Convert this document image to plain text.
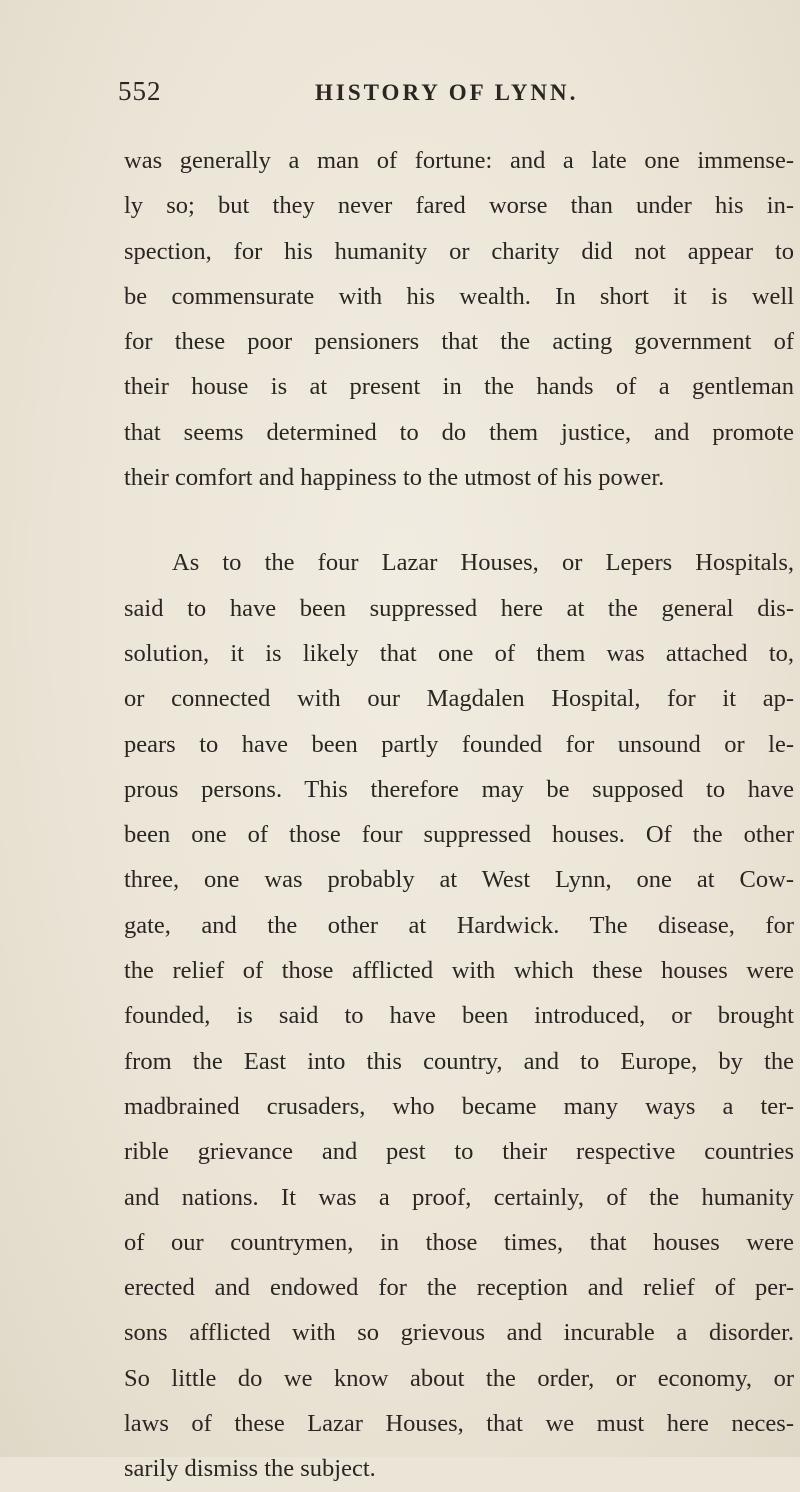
552	HISTORY OF LYNN.
was generally a man of fortune: and a late one immense-
ly so; but they never fared worse than under his in-
spection, for his humanity or charity did not appear to
be commensurate with his wealth. In short it is well
for these poor pensioners that the acting government of
their house is at present in the hands of a gentleman
that seems determined to do them justice, and promote
their comfort and happiness to the utmost of his power.
As to the four Lazar Houses, or Lepers Hospitals,
said to have been suppressed here at the general dis-
solution, it is likely that one of them was attached to,
or connected with our Magdalen Hospital, for it ap-
pears to have been partly founded for unsound or le-
prous persons. This therefore may be supposed to have
been one of those four suppressed houses. Of the other
three, one was probably at West Lynn, one at Cow-
gate, and the other at Hardwick. The disease, for
the relief of those afflicted with which these houses were
founded, is said to have been introduced, or brought
from the East into this country, and to Europe, by the
madbrained crusaders, who became many ways a ter-
rible grievance and pest to their respective countries
and nations. It was a proof, certainly, of the humanity
of our countrymen, in those times, that houses were
erected and endowed for the reception and relief of per-
sons afflicted with so grievous and incurable a disorder.
So little do we know about the order, or economy, or
laws of these Lazar Houses, that we must here neces-
sarily dismiss the subject.
